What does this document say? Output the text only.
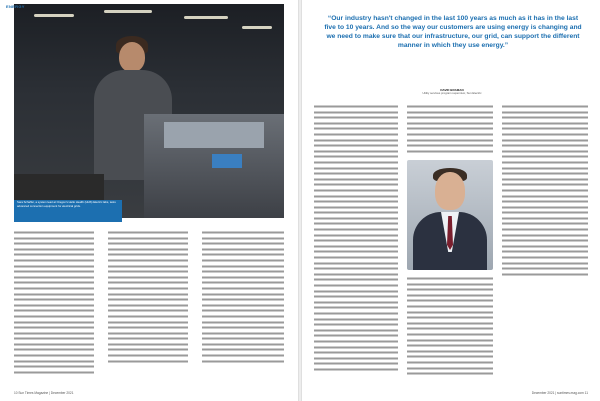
ENERGY
Sara Schaffer, a system lead at Oregon's Hello Health (HHS) Electric labs, tests advanced connection equipment for electrical grids.
10 Sun Times Magazine | December 2021
“Our industry hasn't changed in the last 100 years as much as it has in the last five to 10 years. And so the way our customers are using energy is changing and we need to make sure that our infrastructure, our grid, can support the different manner in which they use energy.”
DAVID BRAMAN
Utility services program supervisor, Sun Electric
December 2021 | suntimes.mag.com 11
